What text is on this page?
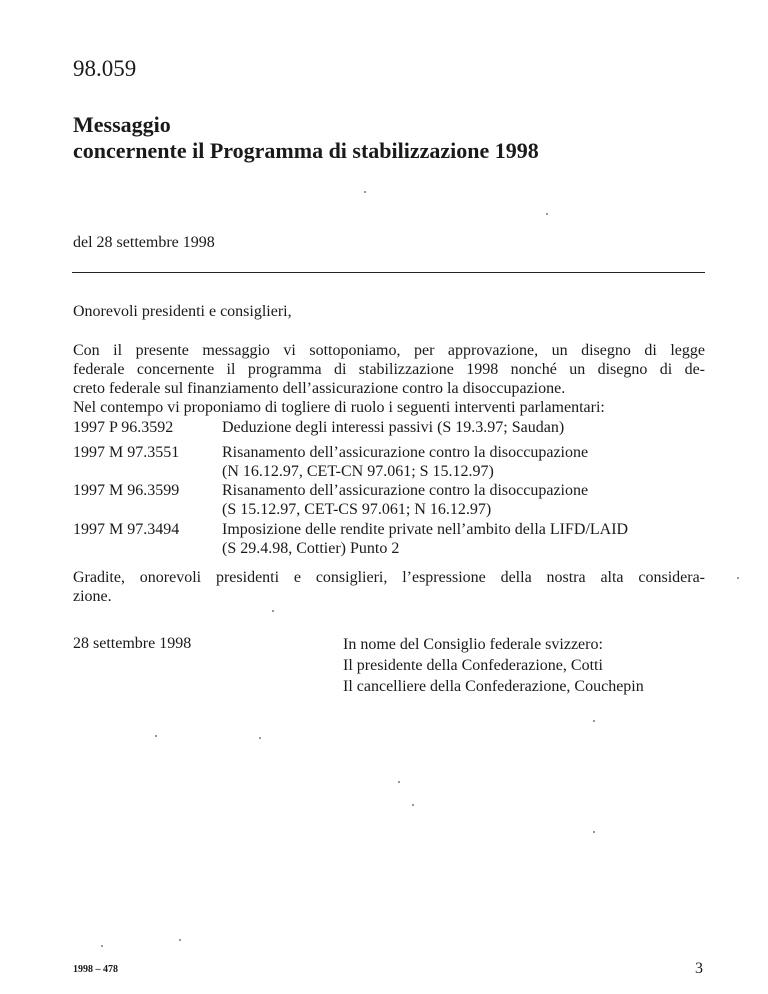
98.059
Messaggio
concernente il Programma di stabilizzazione 1998
del 28 settembre 1998
Onorevoli presidenti e consiglieri,
Con il presente messaggio vi sottoponiamo, per approvazione, un disegno di legge
federale concernente il programma di stabilizzazione 1998 nonché un disegno di de-
creto federale sul finanziamento dell’assicurazione contro la disoccupazione.
Nel contempo vi proponiamo di togliere di ruolo i seguenti interventi parlamentari:
1997 P 96.3592	Deduzione degli interessi passivi (S 19.3.97; Saudan)
1997 M 97.3551	Risanamento dell’assicurazione contro la disoccupazione
(N 16.12.97, CET-CN 97.061; S 15.12.97)
1997 M 96.3599	Risanamento dell’assicurazione contro la disoccupazione
(S 15.12.97, CET-CS 97.061; N 16.12.97)
1997 M 97.3494	Imposizione delle rendite private nell’ambito della LIFD/LAID
(S 29.4.98, Cottier) Punto 2
Gradite, onorevoli presidenti e consiglieri, l’espressione della nostra alta considera-
zione.
28 settembre 1998	In nome del Consiglio federale svizzero:
Il presidente della Confederazione, Cotti
Il cancelliere della Confederazione, Couchepin
1998 – 478	3
